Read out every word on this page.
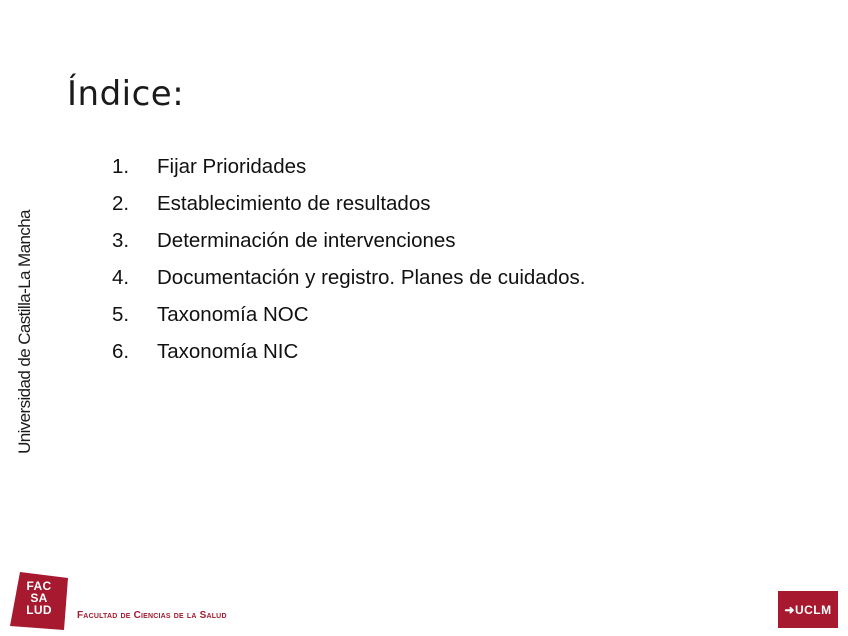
Índice:
1.	Fijar Prioridades
2.	Establecimiento de resultados
3.	Determinación de intervenciones
4.	Documentación y registro. Planes de cuidados.
5.	Taxonomía NOC
6.	Taxonomía NIC
Universidad de Castilla-La Mancha
FAC
SA
LUD	Facultad de Ciencias de la Salud	➜UCLM
